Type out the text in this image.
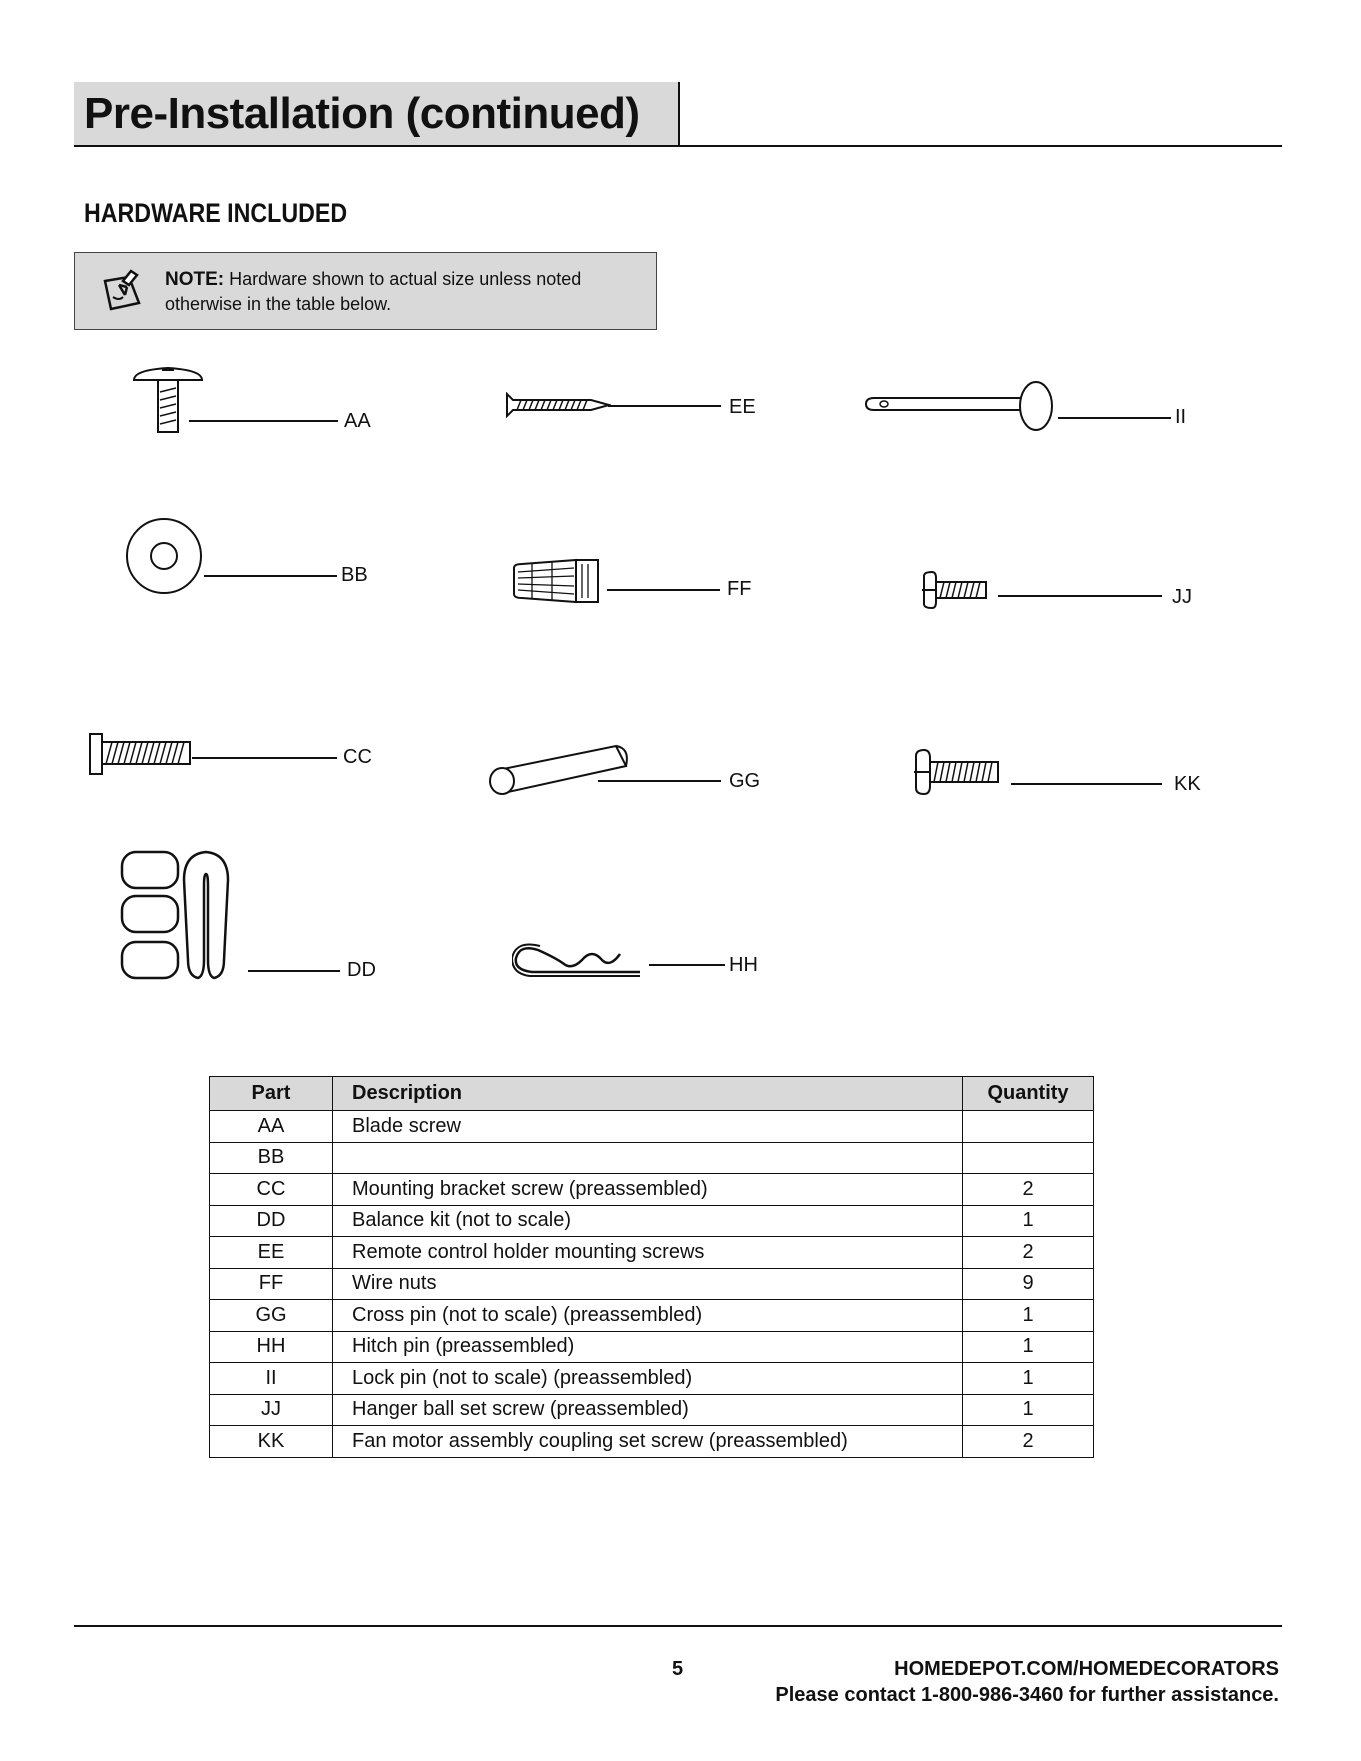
Pre-Installation (continued)
HARDWARE INCLUDED
NOTE: Hardware shown to actual size unless noted
otherwise in the table below.
AA
BB
CC
DD
EE
FF
GG
HH
II
JJ
KK
Part	Description	Quantity
AA	Blade screw	
BB		
CC	Mounting bracket screw (preassembled)	2
DD	Balance kit (not to scale)	1
EE	Remote control holder mounting screws	2
FF	Wire nuts	9
GG	Cross pin (not to scale) (preassembled)	1
HH	Hitch pin (preassembled)	1
II	Lock pin (not to scale) (preassembled)	1
JJ	Hanger ball set screw (preassembled)	1
KK	Fan motor assembly coupling set screw (preassembled)	2
5	HOMEDEPOT.COM/HOMEDECORATORS
Please contact 1-800-986-3460 for further assistance.
